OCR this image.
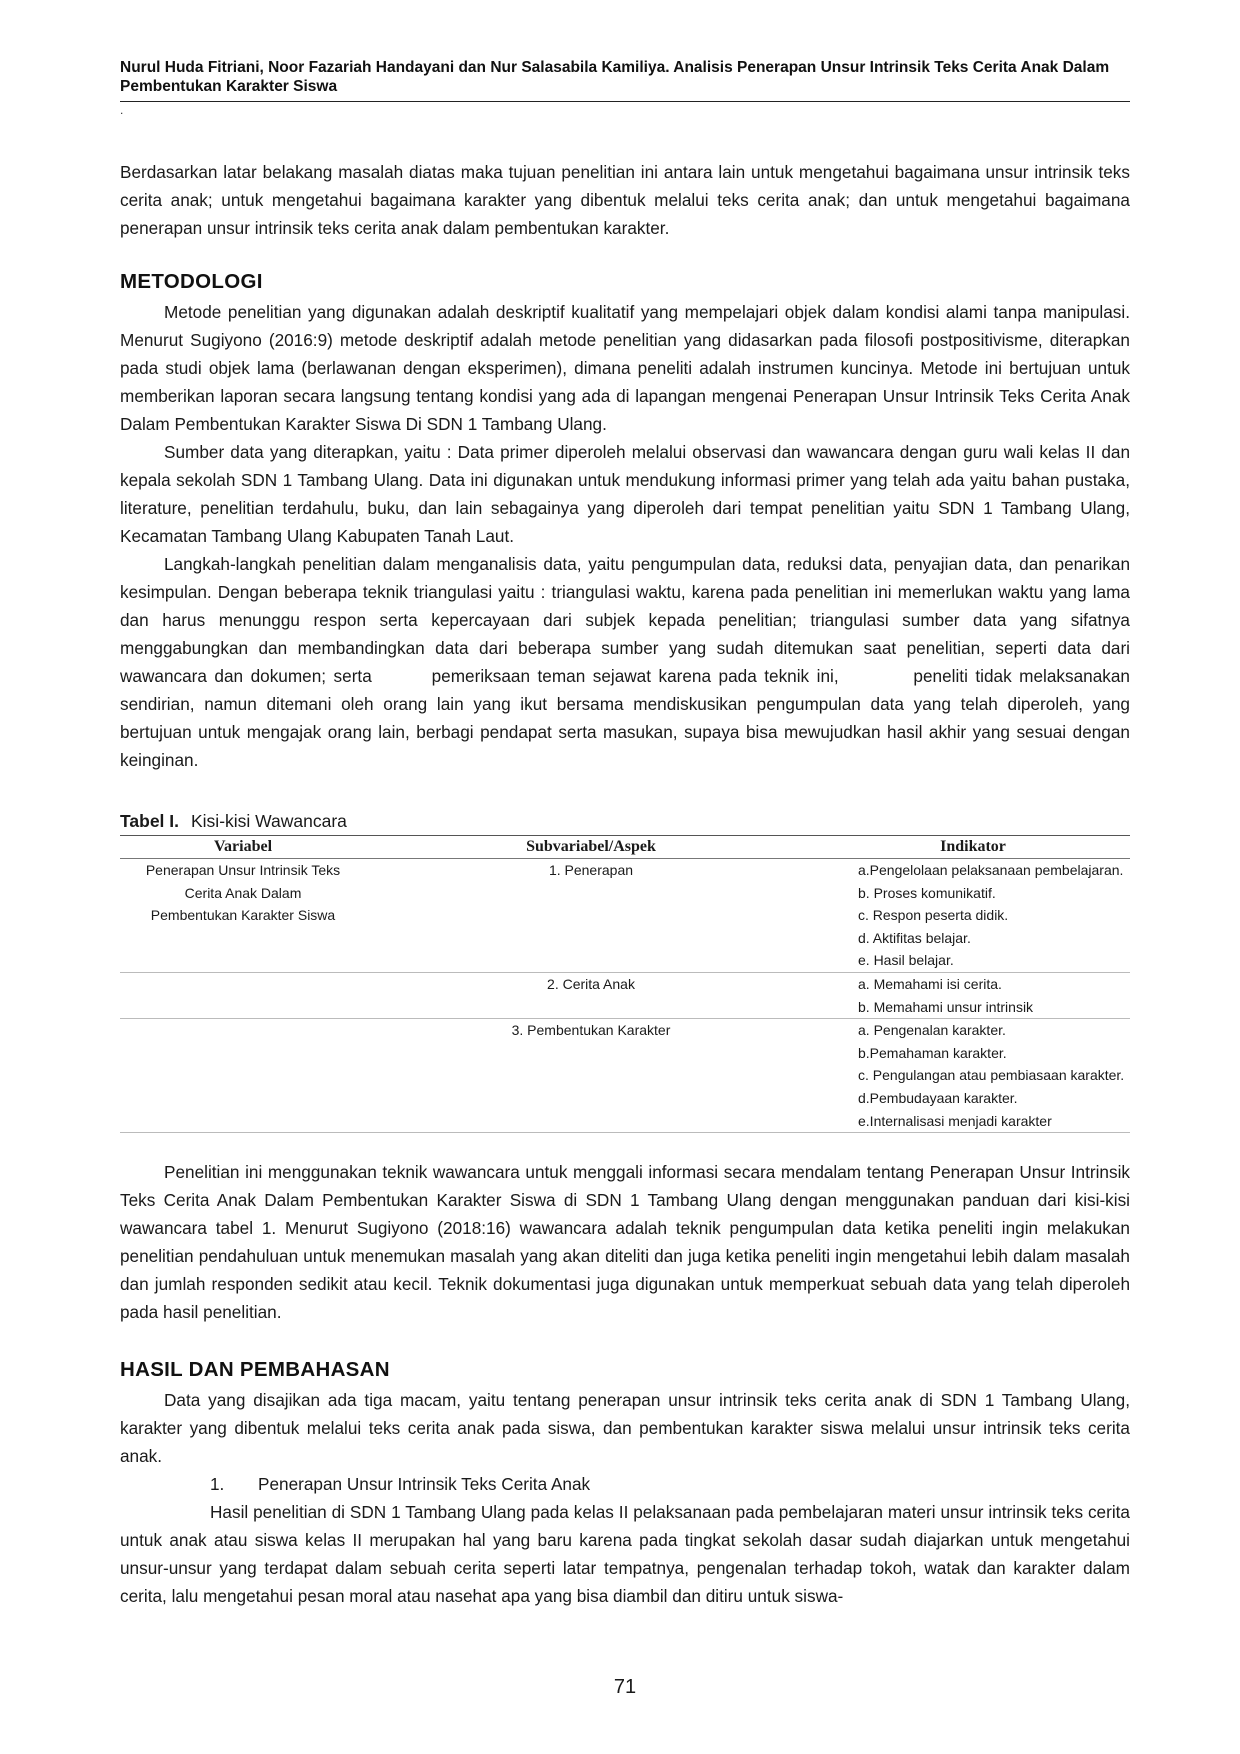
Nurul Huda Fitriani, Noor Fazariah Handayani dan Nur Salasabila Kamiliya. Analisis Penerapan Unsur Intrinsik Teks Cerita Anak Dalam Pembentukan Karakter Siswa
.

Berdasarkan latar belakang masalah diatas maka tujuan penelitian ini antara lain untuk mengetahui bagaimana unsur intrinsik teks cerita anak; untuk mengetahui bagaimana karakter yang dibentuk melalui teks cerita anak; dan untuk mengetahui bagaimana penerapan unsur intrinsik teks cerita anak dalam pembentukan karakter.

METODOLOGI

Metode penelitian yang digunakan adalah deskriptif kualitatif yang mempelajari objek dalam kondisi alami tanpa manipulasi. Menurut Sugiyono (2016:9) metode deskriptif adalah metode penelitian yang didasarkan pada filosofi postpositivisme, diterapkan pada studi objek lama (berlawanan dengan eksperimen), dimana peneliti adalah instrumen kuncinya. Metode ini bertujuan untuk memberikan laporan secara langsung tentang kondisi yang ada di lapangan mengenai Penerapan Unsur Intrinsik Teks Cerita Anak Dalam Pembentukan Karakter Siswa Di SDN 1 Tambang Ulang.

Sumber data yang diterapkan, yaitu : Data primer diperoleh melalui observasi dan wawancara dengan guru wali kelas II dan kepala sekolah SDN 1 Tambang Ulang. Data ini digunakan untuk mendukung informasi primer yang telah ada yaitu bahan pustaka, literature, penelitian terdahulu, buku, dan lain sebagainya yang diperoleh dari tempat penelitian yaitu SDN 1 Tambang Ulang, Kecamatan Tambang Ulang Kabupaten Tanah Laut.

Langkah-langkah penelitian dalam menganalisis data, yaitu pengumpulan data, reduksi data, penyajian data, dan penarikan kesimpulan. Dengan beberapa teknik triangulasi yaitu : triangulasi waktu, karena pada penelitian ini memerlukan waktu yang lama dan harus menunggu respon serta kepercayaan dari subjek kepada penelitian; triangulasi sumber data yang sifatnya menggabungkan dan membandingkan data dari beberapa sumber yang sudah ditemukan saat penelitian, seperti data dari wawancara dan dokumen; serta        pemeriksaan teman sejawat karena pada teknik ini,          peneliti tidak melaksanakan sendirian, namun ditemani oleh orang lain yang ikut bersama mendiskusikan pengumpulan data yang telah diperoleh, yang bertujuan untuk mengajak orang lain, berbagi pendapat serta masukan, supaya bisa mewujudkan hasil akhir yang sesuai dengan keinginan.

Tabel I. Kisi-kisi Wawancara
Variabel	Subvariabel/Aspek	Indikator

Penerapan Unsur Intrinsik Teks
Cerita Anak Dalam
Pembentukan Karakter Siswa	1. Penerapan	a.Pengelolaan pelaksanaan pembelajaran.
b. Proses komunikatif.
c. Respon peserta didik.
d. Aktifitas belajar.
e. Hasil belajar.

	2. Cerita Anak	a. Memahami isi cerita.
b. Memahami unsur intrinsik

	3. Pembentukan Karakter	a. Pengenalan karakter.
b.Pemahaman karakter.
c. Pengulangan atau pembiasaan karakter.
d.Pembudayaan karakter.
e.Internalisasi menjadi karakter

Penelitian ini menggunakan teknik wawancara untuk menggali informasi secara mendalam tentang Penerapan Unsur Intrinsik Teks Cerita Anak Dalam Pembentukan Karakter Siswa di SDN 1 Tambang Ulang dengan menggunakan panduan dari kisi-kisi wawancara tabel 1. Menurut Sugiyono (2018:16) wawancara adalah teknik pengumpulan data ketika peneliti ingin melakukan penelitian pendahuluan untuk menemukan masalah yang akan diteliti dan juga ketika peneliti ingin mengetahui lebih dalam masalah dan jumlah responden sedikit atau kecil. Teknik dokumentasi juga digunakan untuk memperkuat sebuah data yang telah diperoleh pada hasil penelitian.

HASIL DAN PEMBAHASAN

Data yang disajikan ada tiga macam, yaitu tentang penerapan unsur intrinsik teks cerita anak di SDN 1 Tambang Ulang, karakter yang dibentuk melalui teks cerita anak pada siswa, dan pembentukan karakter siswa melalui unsur intrinsik teks cerita anak.

1. Penerapan Unsur Intrinsik Teks Cerita Anak

Hasil penelitian di SDN 1 Tambang Ulang pada kelas II pelaksanaan pada pembelajaran materi unsur intrinsik teks cerita untuk anak atau siswa kelas II merupakan hal yang baru karena pada tingkat sekolah dasar sudah diajarkan untuk mengetahui unsur-unsur yang terdapat dalam sebuah cerita seperti latar tempatnya, pengenalan terhadap tokoh, watak dan karakter dalam cerita, lalu mengetahui pesan moral atau nasehat apa yang bisa diambil dan ditiru untuk siswa-

71
